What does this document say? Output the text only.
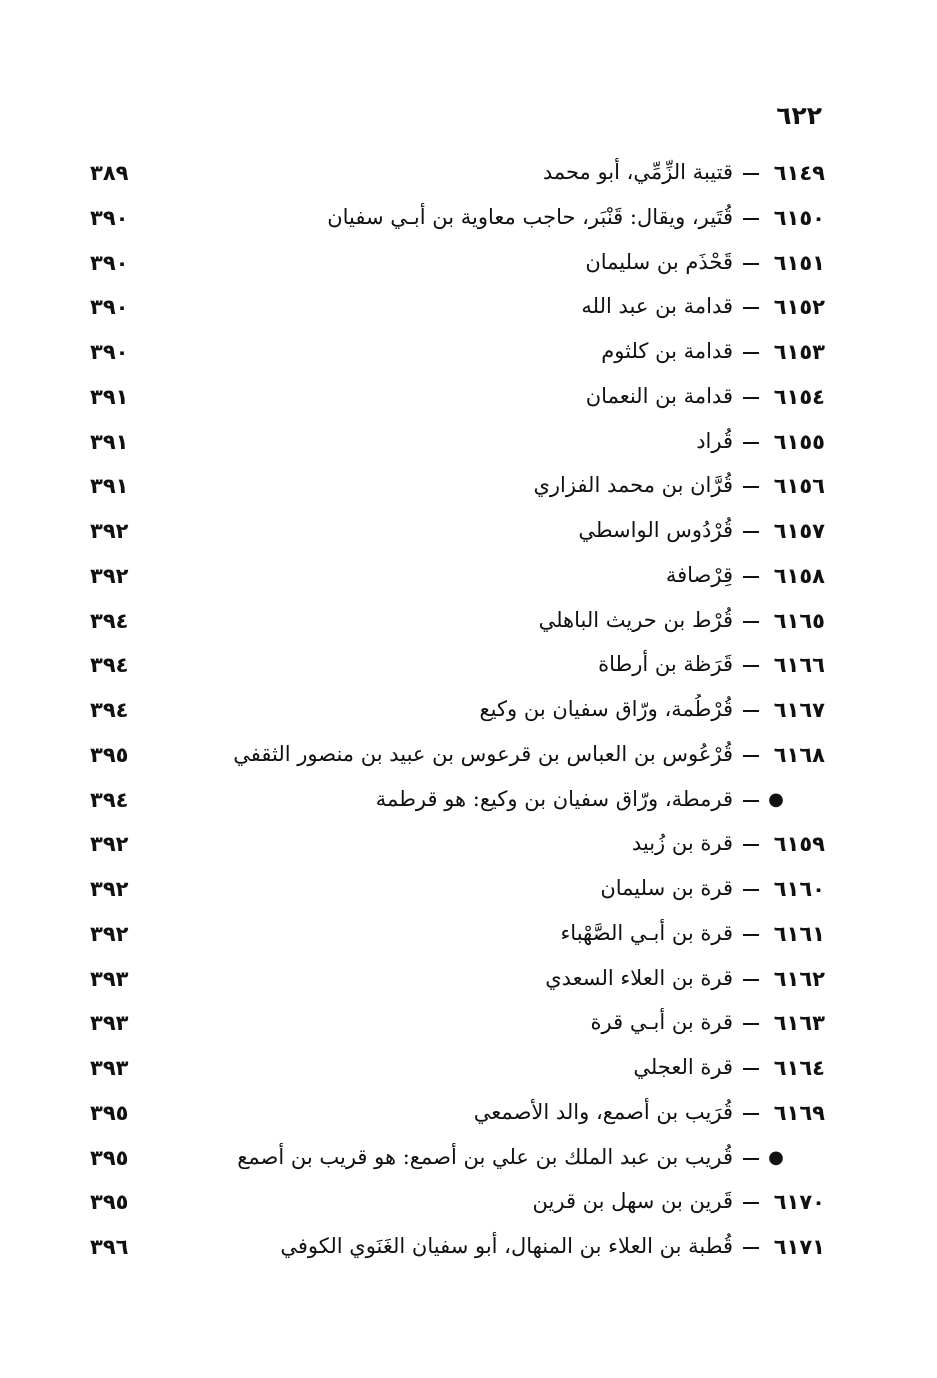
٦٢٢
٦١٤٩
قتيبة الزِّمِّي، أبو محمد
٣٨٩
٦١٥٠
قُتَير، ويقال: قَنْبَر، حاجب معاوية بن أبـي سفيان
٣٩٠
٦١٥١
قَحْذَم بن سليمان
٣٩٠
٦١٥٢
قدامة بن عبد الله
٣٩٠
٦١٥٣
قدامة بن كلثوم
٣٩٠
٦١٥٤
قدامة بن النعمان
٣٩١
٦١٥٥
قُراد
٣٩١
٦١٥٦
قُرَّان بن محمد الفزاري
٣٩١
٦١٥٧
قُرْدُوس الواسطي
٣٩٢
٦١٥٨
قِرْصافة
٣٩٢
٦١٦٥
قُرْط بن حريث الباهلي
٣٩٤
٦١٦٦
قَرَظة بن أرطاة
٣٩٤
٦١٦٧
قُرْطُمة، ورّاق سفيان بن وكيع
٣٩٤
٦١٦٨
قُرْعُوس بن العباس بن قرعوس بن عبيد بن منصور الثقفي
٣٩٥
●
قرمطة، ورّاق سفيان بن وكيع: هو قرطمة
٣٩٤
٦١٥٩
قرة بن زُبيد
٣٩٢
٦١٦٠
قرة بن سليمان
٣٩٢
٦١٦١
قرة بن أبـي الصَّهْباء
٣٩٢
٦١٦٢
قرة بن العلاء السعدي
٣٩٣
٦١٦٣
قرة بن أبـي قرة
٣٩٣
٦١٦٤
قرة العجلي
٣٩٣
٦١٦٩
قُرَيب بن أصمع، والد الأصمعي
٣٩٥
●
قُريب بن عبد الملك بن علي بن أصمع: هو قريب بن أصمع
٣٩٥
٦١٧٠
قَرين بن سهل بن قرين
٣٩٥
٦١٧١
قُطبة بن العلاء بن المنهال، أبو سفيان الغَنَوي الكوفي
٣٩٦
